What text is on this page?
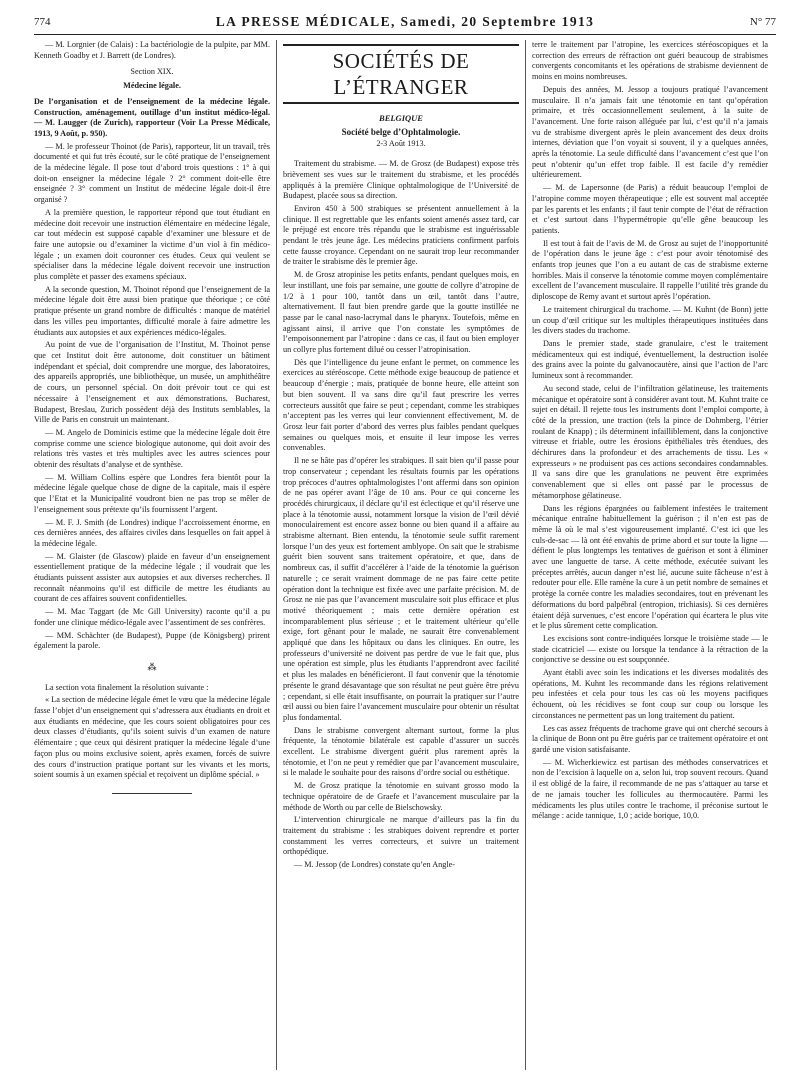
774	LA PRESSE MÉDICALE, Samedi, 20 Septembre 1913	N° 77

— M. Lorgnier (de Calais) : La bactériologie de la pulpite, par MM. Kenneth Goadby et J. Barrett (de Londres).

Section XIX.

Médecine légale.

De l’organisation et de l’enseignement de la médecine légale. Construction, aménagement, outillage d’un institut médico-légal. — M. Laugger (de Zurich), rapporteur (Voir La Presse Médicale, 1913, 9 Août, p. 950).

— M. le professeur Thoinot (de Paris), rapporteur, lit un travail, très documenté et qui fut très écouté, sur le côté pratique de l’enseignement de la médecine légale. Il pose tout d’abord trois questions : 1° à qui doit-on enseigner la médecine légale ? 2° comment doit-elle être enseignée ? 3° comment un Institut de médecine légale doit-il être organisé ?

A la première question, le rapporteur répond que tout étudiant en médecine doit recevoir une instruction élémentaire en médecine légale, car tout médecin est supposé capable d’examiner une blessure et de faire une autopsie ou d’examiner la victime d’un viol à fin médico-légale ; un examen doit couronner ces études. Ceux qui veulent se spécialiser dans la médecine légale doivent recevoir une instruction plus complète et passer des examens spéciaux.

A la seconde question, M. Thoinot répond que l’enseignement de la médecine légale doit être aussi bien pratique que théorique ; ce côté pratique présente un grand nombre de difficultés : manque de matériel dans les villes peu importantes, difficulté morale à faire admettre les étudiants aux autopsies et aux expériences médico-légales.

Au point de vue de l’organisation de l’Institut, M. Thoinot pense que cet Institut doit être autonome, doit constituer un bâtiment indépendant et spécial, doit comprendre une morgue, des laboratoires, des appareils appropriés, une bibliothèque, un musée, un amphithéâtre de cours, un personnel spécial. On doit prévoir tout ce qui est nécessaire à l’enseignement et aux démonstrations. Bucharest, Budapest, Breslau, Zurich possèdent déjà des Instituts semblables, la Ville de Paris en construit un maintenant.

— M. Angelo de Dominicis estime que la médecine légale doit être comprise comme une science biologique autonome, qui doit avoir des relations très vastes et très multiples avec les autres sciences pour obtenir des résultats d’analyse et de synthèse.

— M. William Collins espère que Londres fera bientôt pour la médecine légale quelque chose de digne de la capitale, mais il espère que l’Etat et la Municipalité voudront bien ne pas trop se mêler de l’enseignement sous prétexte qu’ils fournissent l’argent.

— M. F. J. Smith (de Londres) indique l’accroissement énorme, en ces dernières années, des affaires civiles dans lesquelles on fait appel à la médecine légale.

— M. Glaister (de Glascow) plaide en faveur d’un enseignement essentiellement pratique de la médecine légale ; il voudrait que les étudiants puissent assister aux autopsies et aux diverses recherches. Il reconnaît néanmoins qu’il est difficile de mettre les étudiants au courant de ces affaires souvent confidentielles.

— M. Mac Taggart (de Mc Gill University) raconte qu’il a pu fonder une clinique médico-légale avec l’assentiment de ses confrères.

— MM. Schächter (de Budapest), Puppe (de Königsberg) prirent également la parole.

⁂

La section vota finalement la résolution suivante :

« La section de médecine légale émet le vœu que la médecine légale fasse l’objet d’un enseignement qui s’adressera aux étudiants en droit et aux étudiants en médecine, que les cours soient obligatoires pour ces deux classes d’étudiants, qu’ils soient suivis d’un examen de nature élémentaire ; que ceux qui désirent pratiquer la médecine légale d’une façon plus ou moins exclusive soient, après examen, forcés de suivre des cours d’instruction pratique portant sur les vivants et les morts, soient soumis à un examen spécial et reçoivent un diplôme spécial. »

SOCIÉTÉS DE L’ÉTRANGER
BELGIQUE
Société belge d’Ophtalmologie.
2-3 Août 1913.

Traitement du strabisme. — M. de Grosz (de Budapest) expose très brièvement ses vues sur le traitement du strabisme, et les procédés appliqués à la première Clinique ophtalmologique de l’Université de Budapest, placée sous sa direction.

Environ 450 à 500 strabiques se présentent annuellement à la clinique. Il est regrettable que les enfants soient amenés assez tard, car le préjugé est encore très répandu que le strabisme est inguérissable pendant le très jeune âge. Les médecins praticiens confirment parfois cette fausse croyance. Cependant on ne saurait trop leur recommander de traiter le strabisme dès le premier âge.

M. de Grosz atropinise les petits enfants, pendant quelques mois, en leur instillant, une fois par semaine, une goutte de collyre d’atropine de 1/2 à 1 pour 100, tantôt dans un œil, tantôt dans l’autre, alternativement. Il faut bien prendre garde que la goutte instillée ne passe par le canal naso-lacrymal dans le pharynx. Toutefois, même en agissant ainsi, il arrive que l’on constate les symptômes de l’empoisonnement par l’atropine : dans ce cas, il faut ou bien employer un collyre plus fortement dilué ou cesser l’atropinisation.

Dès que l’intelligence du jeune enfant le permet, on commence les exercices au stéréoscope. Cette méthode exige beaucoup de patience et beaucoup d’énergie ; mais, pratiquée de bonne heure, elle atteint son but bien souvent. Il va sans dire qu’il faut prescrire les verres correcteurs aussitôt que faire se peut ; cependant, comme les strabiques n’acceptent pas les verres qui leur conviennent effectivement, M. de Grosz leur fait porter d’abord des verres plus faibles pendant quelques semaines ou quelques mois, et ensuite il leur impose les verres convenables.

Il ne se hâte pas d’opérer les strabiques. Il sait bien qu’il passe pour trop conservateur ; cependant les résultats fournis par les opérations trop précoces d’autres ophtalmologistes l’ont affermi dans son opinion de ne pas opérer avant l’âge de 10 ans. Pour ce qui concerne les procédés chirurgicaux, il déclare qu’il est éclectique et qu’il réserve une place à la ténotomie aussi, notamment lorsque la vision de l’œil dévié monoculairement est encore assez bonne ou bien quand il a affaire au strabisme alternant. Bien entendu, la ténotomie seule suffit rarement lorsque l’un des yeux est fortement amblyope. On sait que le strabisme guérit bien souvent sans traitement opératoire, et que, dans de nombreux cas, il suffit d’accélérer à l’aide de la ténotomie la guérison naturelle ; ce serait vraiment dommage de ne pas faire cette petite opération dont la technique est fixée avec une parfaite précision. M. de Grosz ne nie pas que l’avancement musculaire soit plus efficace et plus motivé théoriquement ; mais cette dernière opération est incomparablement plus sérieuse ; et le traitement ultérieur qu’elle exige, fort gênant pour le malade, ne saurait être convenablement appliqué que dans les hôpitaux ou dans les cliniques. En outre, les professeurs d’université ne doivent pas perdre de vue le fait que, plus une opération est simple, plus les étudiants l’apprendront avec facilité et plus les malades en bénéficieront. Il faut convenir que la ténotomie présente le grand désavantage que son résultat ne peut guère être prévu ; cependant, si elle était insuffisante, on pourrait la pratiquer sur l’autre œil aussi ou bien faire l’avancement musculaire pour obtenir un résultat plus fondamental.

Dans le strabisme convergent alternant surtout, forme la plus fréquente, la ténotomie bilatérale est capable d’assurer un succès excellent. Le strabisme divergent guérit plus rarement après la ténotomie, et l’on ne peut y remédier que par l’avancement musculaire, si le malade le souhaite pour des raisons d’ordre social ou esthétique.

M. de Grosz pratique la ténotomie en suivant grosso modo la technique opératoire de de Graefe et l’avancement musculaire par la méthode de Worth ou par celle de Bielschowsky.

L’intervention chirurgicale ne marque d’ailleurs pas la fin du traitement du strabisme : les strabiques doivent reprendre et porter constamment les verres correcteurs, et suivre un traitement orthopédique.

— M. Jessop (de Londres) constate qu’en Angle-

terre le traitement par l’atropine, les exercices stéréoscopiques et la correction des erreurs de réfraction ont guéri beaucoup de strabismes convergents concomitants et les opérations de strabisme deviennent de moins en moins nombreuses.

Depuis des années, M. Jessop a toujours pratiqué l’avancement musculaire. Il n’a jamais fait une ténotomie en tant qu’opération primaire, et très occasionnellement seulement, à la suite de l’avancement. Une forte raison alléguée par lui, c’est qu’il n’a jamais vu de strabisme divergent après le plein avancement des deux droits internes, déviation que l’on voyait si souvent, il y a quelques années, après la ténotomie. La seule difficulté dans l’avancement c’est que l’on peut n’obtenir qu’un effet trop faible. Il est facile d’y remédier ultérieurement.

— M. de Lapersonne (de Paris) a réduit beaucoup l’emploi de l’atropine comme moyen thérapeutique ; elle est souvent mal acceptée par les parents et les enfants ; il faut tenir compte de l’état de réfraction et c’est surtout dans l’hypermétropie qu’elle gêne beaucoup les patients.

Il est tout à fait de l’avis de M. de Grosz au sujet de l’inopportunité de l’opération dans le jeune âge : c’est pour avoir ténotomisé des enfants trop jeunes que l’on a eu autant de cas de strabisme externe horribles. Mais il conserve la ténotomie comme moyen complémentaire excellent de l’avancement musculaire. Il rappelle l’utilité très grande du diploscope de Remy avant et surtout après l’opération.

Le traitement chirurgical du trachome. — M. Kuhnt (de Bonn) jette un coup d’œil critique sur les multiples thérapeutiques instituées dans les divers stades du trachome.

Dans le premier stade, stade granulaire, c’est le traitement médicamenteux qui est indiqué, éventuellement, la destruction isolée des grains avec la pointe du galvanocautère, ainsi que l’action de l’arc lumineux sont à recommander.

Au second stade, celui de l’infiltration gélatineuse, les traitements mécanique et opératoire sont à considérer avant tout. M. Kuhnt traite ce sujet en détail. Il rejette tous les instruments dont l’emploi comporte, à côté de la pression, une traction (tels la pince de Dohmberg, l’étrier roulant de Knapp) ; ils déterminent infailliblement, dans la conjonctive vitreuse et friable, outre les érosions épithéliales très étendues, des déchirures dans la profondeur et des arrachements de tissu. Les « expresseurs » ne produisent pas ces actions secondaires condamnables. Il va sans dire que les granulations ne peuvent être exprimées convenablement que si elles ont passé par le processus de métamorphose gélatineuse.

Dans les régions épargnées ou faiblement infestées le traitement mécanique entraîne habituellement la guérison ; il n’en est pas de même là où le mal s’est vigoureusement implanté. C’est ici que les culs-de-sac — là ont été envahis de prime abord et sur toute la ligne — défient le plus longtemps les tentatives de guérison et sont à éliminer avec une languette de tarse. A cette méthode, exécutée suivant les préceptes arrêtés, aucun danger n’est lié, aucune suite fâcheuse n’est à redouter pour elle. Elle ramène la cure à un petit nombre de semaines et protège la cornée contre les maladies secondaires, tout en prévenant les déformations du bord palpébral (entropion, trichiasis). Si ces dernières étaient déjà survenues, c’est encore l’opération qui écartera le plus vite et le plus sûrement cette complication.

Les excisions sont contre-indiquées lorsque le troisième stade — le stade cicatriciel — existe ou lorsque la tendance à la rétraction de la conjonctive se dessine ou est soupçonnée.

Ayant établi avec soin les indications et les diverses modalités des opérations, M. Kuhnt les recommande dans les régions relativement peu infestées et cela pour tous les cas où les moyens pacifiques échouent, où les récidives se font coup sur coup ou lorsque les circonstances ne permettent pas un long traitement du patient.

Les cas assez fréquents de trachome grave qui ont cherché secours à la clinique de Bonn ont pu être guéris par ce traitement opératoire et ont gardé une vision satisfaisante.

— M. Wicherkiewicz est partisan des méthodes conservatrices et non de l’excision à laquelle on a, selon lui, trop souvent recours. Quand il est obligé de la faire, il recommande de ne pas s’attaquer au tarse et de ne jamais toucher les follicules au thermocautère. Parmi les médicaments les plus utiles contre le trachome, il préconise surtout le mélange : acide tannique, 1,0 ; acide borique, 10,0.
